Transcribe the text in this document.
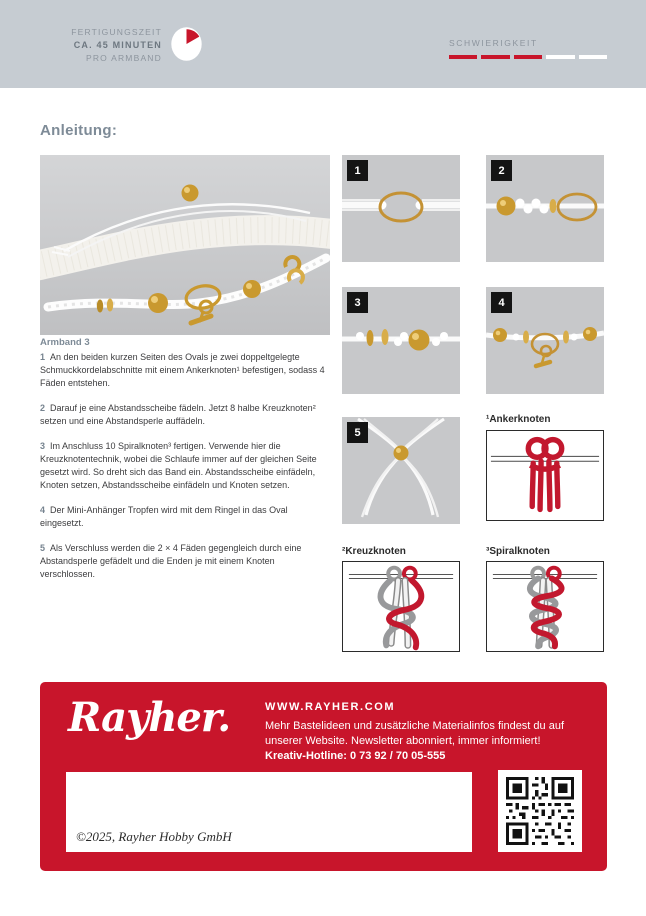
FERTIGUNGSZEIT
CA. 45 MINUTEN
PRO ARMBAND
SCHWIERIGKEIT
Anleitung:
Armband 3

1 An den beiden kurzen Seiten des Ovals je zwei doppeltgelegte Schmuckkordelabschnitte mit einem Ankerknoten¹ befestigen, sodass 4 Fäden entstehen.

2 Darauf je eine Abstandsscheibe fädeln. Jetzt 8 halbe Kreuzknoten² setzen und eine Abstandsperle auffädeln.

3 Im Anschluss 10 Spiralknoten³ fertigen. Verwende hier die Kreuzknotentechnik, wobei die Schlaufe immer auf der gleichen Seite gesetzt wird. So dreht sich das Band ein. Abstandsscheibe einfädeln, Knoten setzen, Abstandsscheibe einfädeln und Knoten setzen.

4 Der Mini-Anhänger Tropfen wird mit dem Ringel in das Oval eingesetzt.

5 Als Verschluss werden die 2 × 4 Fäden gegengleich durch eine Abstandsperle gefädelt und die Enden je mit einem Knoten verschlossen.

1	2
3	4
5
¹Ankerknoten
²Kreuzknoten	³Spiralknoten
Rayher.	WWW.RAYHER.COM
Mehr Bastelideen und zusätzliche Materialinfos findest du auf unserer Website. Newsletter abonniert, immer informiert!
Kreativ-Hotline: 0 73 92 / 70 05-555
©2025, Rayher Hobby GmbH
